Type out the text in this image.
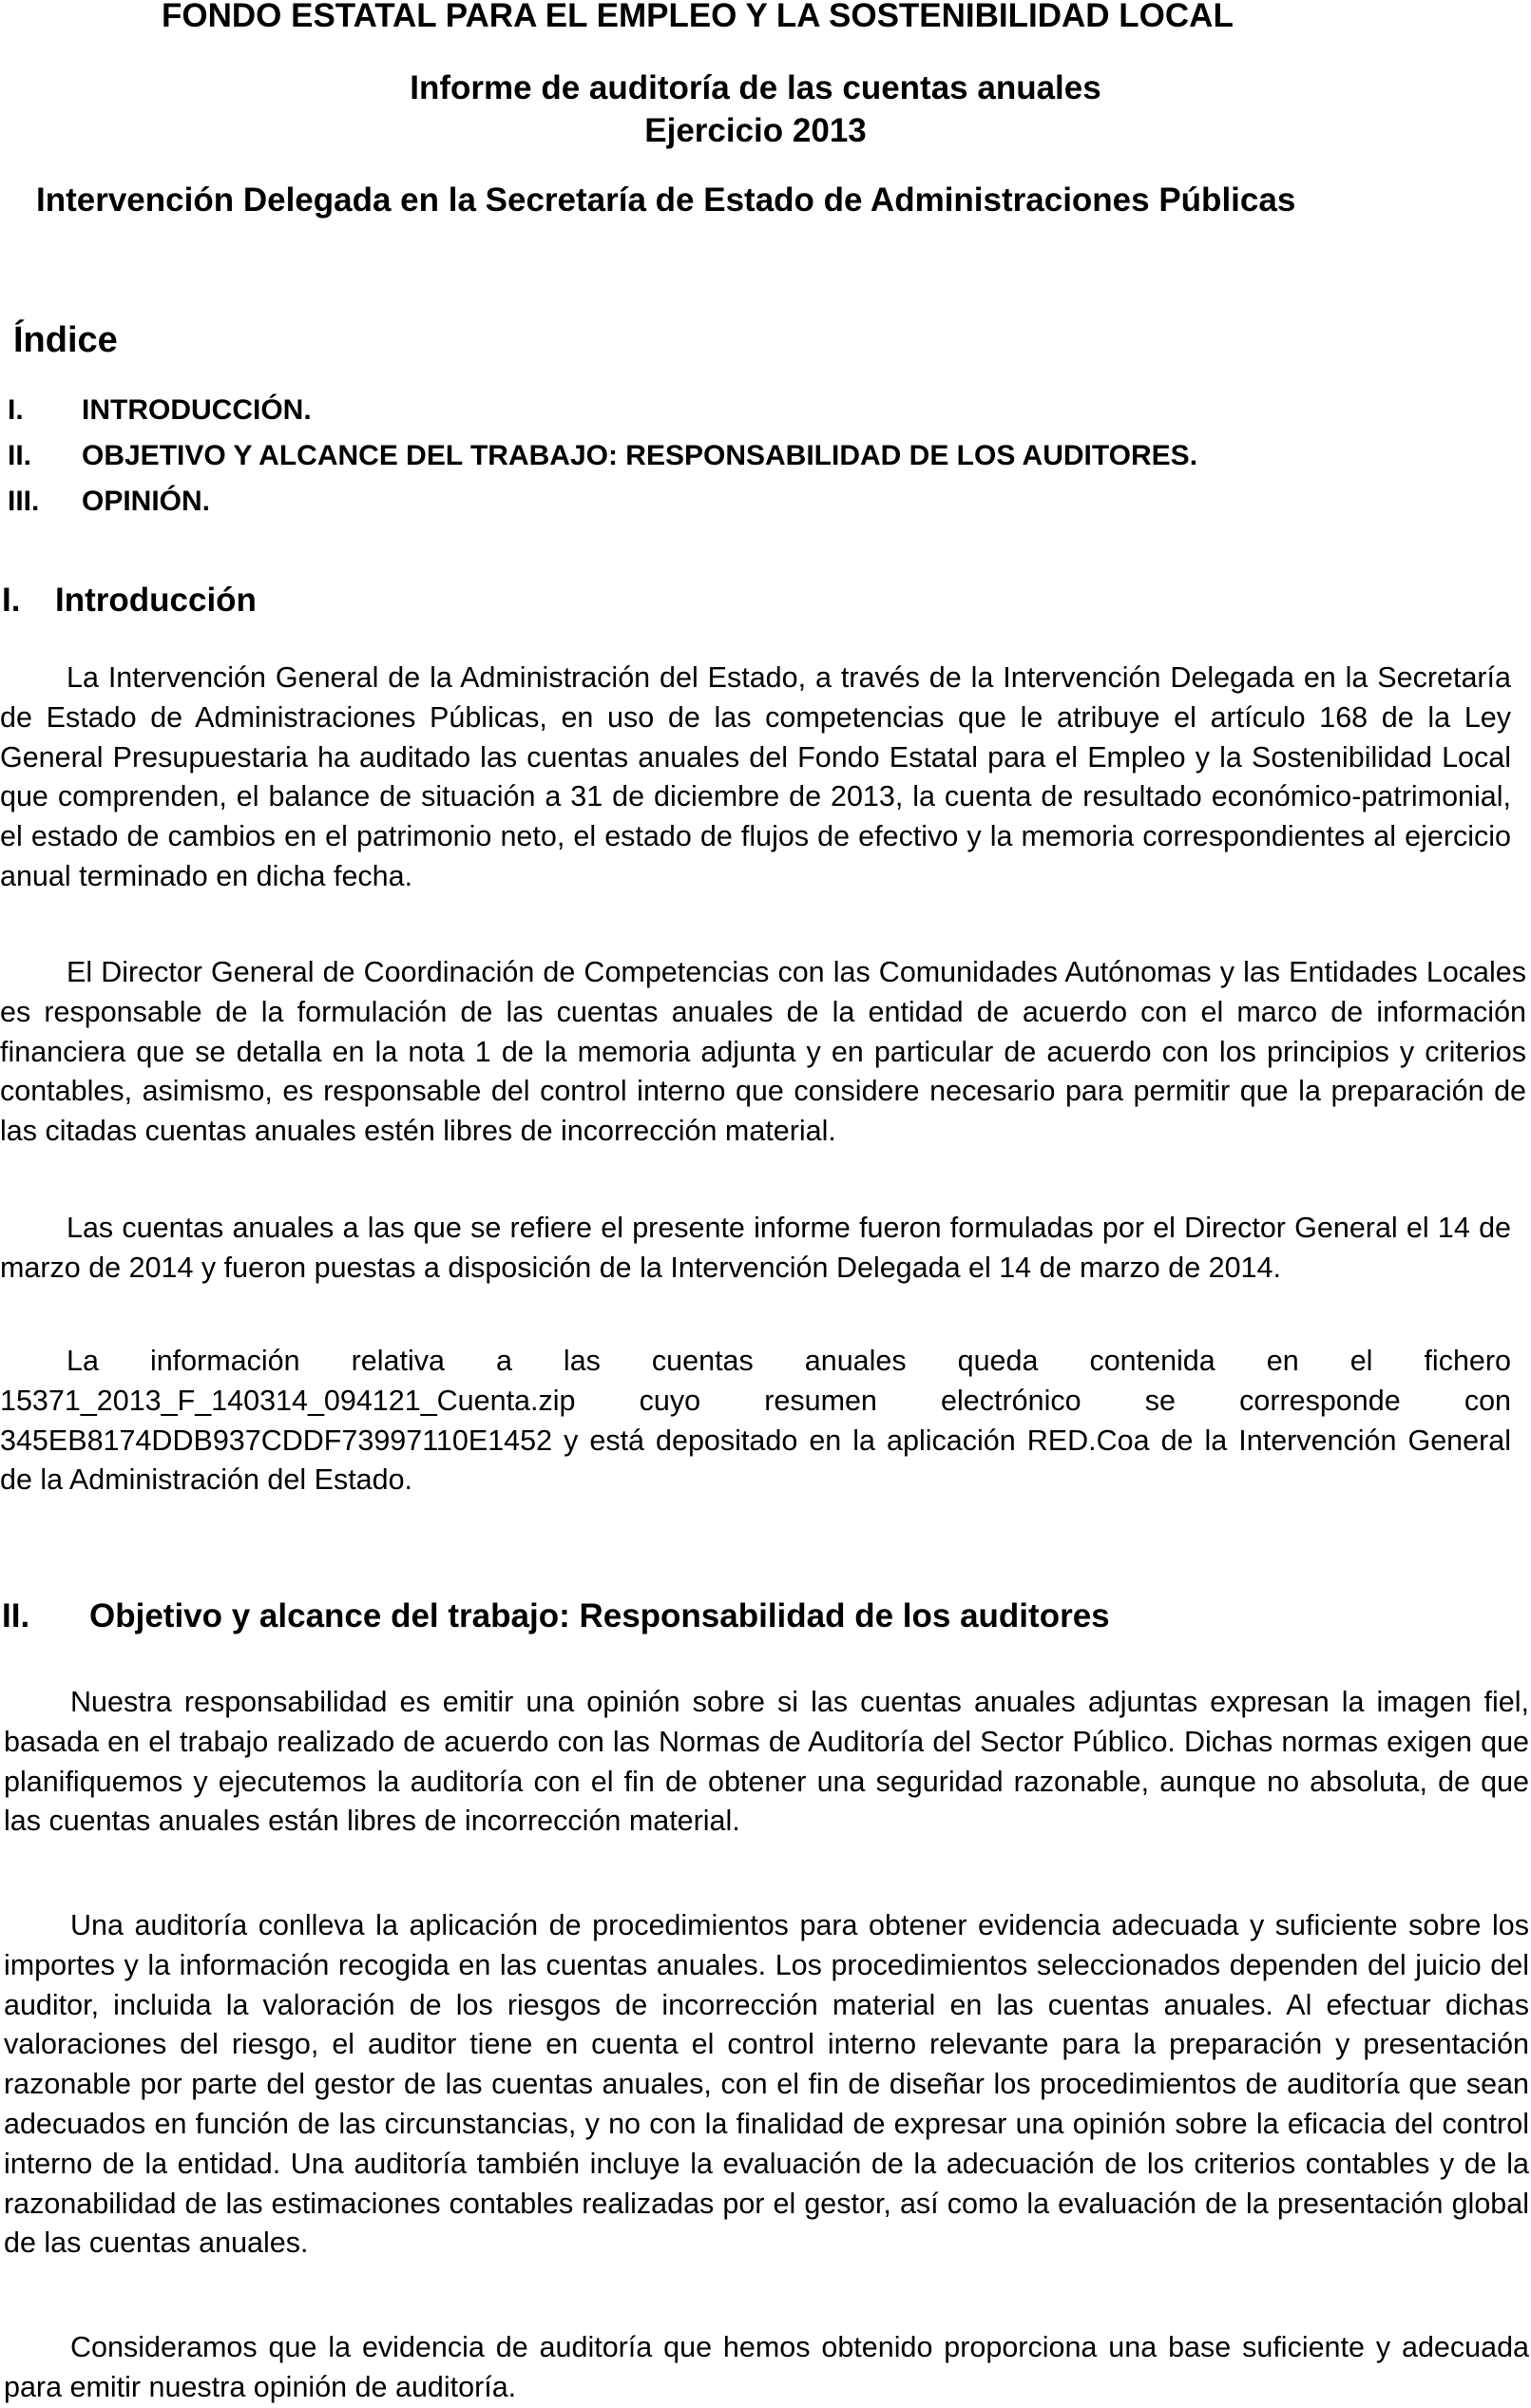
FONDO ESTATAL PARA EL EMPLEO Y LA SOSTENIBILIDAD LOCAL
Informe de auditoría de las cuentas anuales
Ejercicio 2013
Intervención Delegada en la Secretaría de Estado de Administraciones Públicas
Índice
I.	INTRODUCCIÓN.
II.	OBJETIVO Y ALCANCE DEL TRABAJO: RESPONSABILIDAD DE LOS AUDITORES.
III.	OPINIÓN.
I. Introducción

La Intervención General de la Administración del Estado, a través de la Intervención Delegada en la Secretaría de Estado de Administraciones Públicas, en uso de las competencias que le atribuye el artículo 168 de la Ley General Presupuestaria ha auditado las cuentas anuales del Fondo Estatal para el Empleo y la Sostenibilidad Local que comprenden, el balance de situación a 31 de diciembre de 2013, la cuenta de resultado económico-patrimonial, el estado de cambios en el patrimonio neto, el estado de flujos de efectivo y la memoria correspondientes al ejercicio anual terminado en dicha fecha.

El Director General de Coordinación de Competencias con las Comunidades Autónomas y las Entidades Locales es responsable de la formulación de las cuentas anuales de la entidad de acuerdo con el marco de información financiera que se detalla en la nota 1 de la memoria adjunta y en particular de acuerdo con los principios y criterios contables, asimismo, es responsable del control interno que considere necesario para permitir que la preparación de las citadas cuentas anuales estén libres de incorrección material.

Las cuentas anuales a las que se refiere el presente informe fueron formuladas por el Director General el 14 de marzo de 2014 y fueron puestas a disposición de la Intervención Delegada el 14 de marzo de 2014.

La información relativa a las cuentas anuales queda contenida en el fichero 15371_2013_F_140314_094121_Cuenta.zip cuyo resumen electrónico se corresponde con 345EB8174DDB937CDDF73997110E1452 y está depositado en la aplicación RED.Coa de la Intervención General de la Administración del Estado.

II. Objetivo y alcance del trabajo: Responsabilidad de los auditores

Nuestra responsabilidad es emitir una opinión sobre si las cuentas anuales adjuntas expresan la imagen fiel, basada en el trabajo realizado de acuerdo con las Normas de Auditoría del Sector Público. Dichas normas exigen que planifiquemos y ejecutemos la auditoría con el fin de obtener una seguridad razonable, aunque no absoluta, de que las cuentas anuales están libres de incorrección material.

Una auditoría conlleva la aplicación de procedimientos para obtener evidencia adecuada y suficiente sobre los importes y la información recogida en las cuentas anuales. Los procedimientos seleccionados dependen del juicio del auditor, incluida la valoración de los riesgos de incorrección material en las cuentas anuales. Al efectuar dichas valoraciones del riesgo, el auditor tiene en cuenta el control interno relevante para la preparación y presentación razonable por parte del gestor de las cuentas anuales, con el fin de diseñar los procedimientos de auditoría que sean adecuados en función de las circunstancias, y no con la finalidad de expresar una opinión sobre la eficacia del control interno de la entidad. Una auditoría también incluye la evaluación de la adecuación de los criterios contables y de la razonabilidad de las estimaciones contables realizadas por el gestor, así como la evaluación de la presentación global de las cuentas anuales.

Consideramos que la evidencia de auditoría que hemos obtenido proporciona una base suficiente y adecuada para emitir nuestra opinión de auditoría.
